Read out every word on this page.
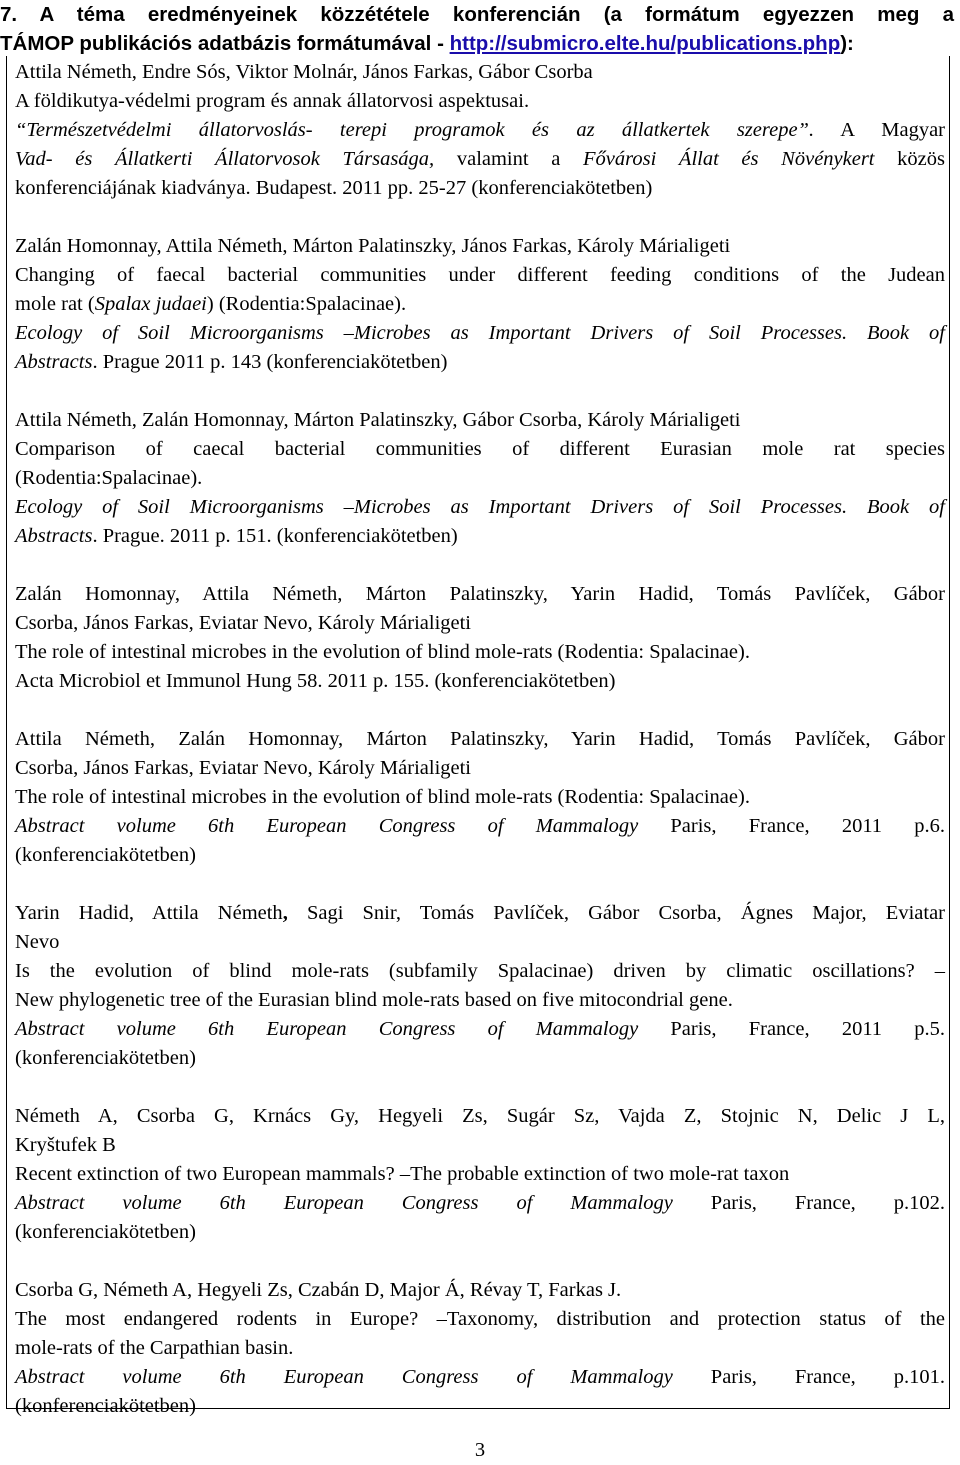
7. A téma eredményeinek közzététele konferencián (a formátum egyezzen meg a
TÁMOP publikációs adatbázis formátumával - http://submicro.elte.hu/publications.php):
Attila Németh, Endre Sós, Viktor Molnár, János Farkas, Gábor Csorba
A földikutya-védelmi program és annak állatorvosi aspektusai.
“Természetvédelmi állatorvoslás- terepi programok és az állatkertek szerepe”. A Magyar
Vad- és Állatkerti Állatorvosok Társasága, valamint a Fővárosi Állat és Növénykert közös
konferenciájának kiadványa. Budapest. 2011 pp. 25-27 (konferenciakötetben)
Zalán Homonnay, Attila Németh, Márton Palatinszky, János Farkas, Károly Márialigeti
Changing of faecal bacterial communities under different feeding conditions of the Judean
mole rat (Spalax judaei) (Rodentia:Spalacinae).
Ecology of Soil Microorganisms –Microbes as Important Drivers of Soil Processes. Book of
Abstracts. Prague 2011 p. 143 (konferenciakötetben)
Attila Németh, Zalán Homonnay, Márton Palatinszky, Gábor Csorba, Károly Márialigeti
Comparison of caecal bacterial communities of different Eurasian mole rat species
(Rodentia:Spalacinae).
Ecology of Soil Microorganisms –Microbes as Important Drivers of Soil Processes. Book of
Abstracts. Prague. 2011 p. 151. (konferenciakötetben)
Zalán Homonnay, Attila Németh, Márton Palatinszky, Yarin Hadid, Tomás Pavlíček, Gábor
Csorba, János Farkas, Eviatar Nevo, Károly Márialigeti
The role of intestinal microbes in the evolution of blind mole-rats (Rodentia: Spalacinae).
Acta Microbiol et Immunol Hung 58. 2011 p. 155. (konferenciakötetben)
Attila Németh, Zalán Homonnay, Márton Palatinszky, Yarin Hadid, Tomás Pavlíček, Gábor
Csorba, János Farkas, Eviatar Nevo, Károly Márialigeti
The role of intestinal microbes in the evolution of blind mole-rats (Rodentia: Spalacinae).
Abstract volume 6th European Congress of Mammalogy Paris, France, 2011 p.6.
(konferenciakötetben)
Yarin Hadid, Attila Németh, Sagi Snir, Tomás Pavlíček, Gábor Csorba, Ágnes Major, Eviatar
Nevo
Is the evolution of blind mole-rats (subfamily Spalacinae) driven by climatic oscillations? –
New phylogenetic tree of the Eurasian blind mole-rats based on five mitocondrial gene.
Abstract volume 6th European Congress of Mammalogy Paris, France, 2011 p.5.
(konferenciakötetben)
Németh A, Csorba G, Krnács Gy, Hegyeli Zs, Sugár Sz, Vajda Z, Stojnic N, Delic J L,
Kryštufek B
Recent extinction of two European mammals? –The probable extinction of two mole-rat taxon
Abstract volume 6th European Congress of Mammalogy Paris, France, p.102.
(konferenciakötetben)
Csorba G, Németh A, Hegyeli Zs, Czabán D, Major Á, Révay T, Farkas J.
The most endangered rodents in Europe? –Taxonomy, distribution and protection status of the
mole-rats of the Carpathian basin.
Abstract volume 6th European Congress of Mammalogy Paris, France, p.101.
(konferenciakötetben)
3
